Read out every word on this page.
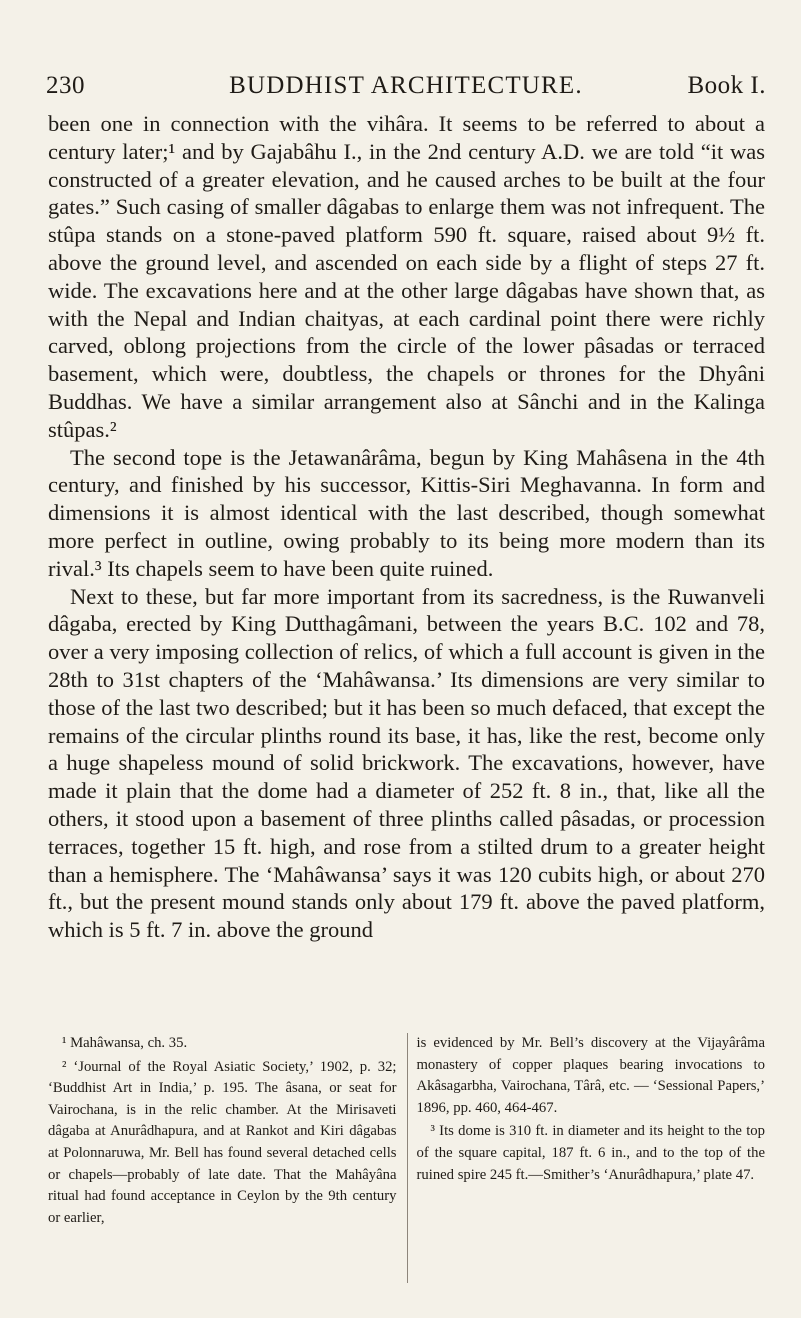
230	BUDDHIST ARCHITECTURE.	Book I.

been one in connection with the vihâra. It seems to be referred to about a century later;¹ and by Gajabâhu I., in the 2nd century A.D. we are told “it was constructed of a greater elevation, and he caused arches to be built at the four gates.” Such casing of smaller dâgabas to enlarge them was not infrequent. The stûpa stands on a stone-paved platform 590 ft. square, raised about 9½ ft. above the ground level, and ascended on each side by a flight of steps 27 ft. wide. The excavations here and at the other large dâgabas have shown that, as with the Nepal and Indian chaityas, at each cardinal point there were richly carved, oblong projections from the circle of the lower pâsadas or terraced basement, which were, doubtless, the chapels or thrones for the Dhyâni Buddhas. We have a similar arrangement also at Sânchi and in the Kalinga stûpas.²

The second tope is the Jetawanârâma, begun by King Mahâsena in the 4th century, and finished by his successor, Kittis-Siri Meghavanna. In form and dimensions it is almost identical with the last described, though somewhat more perfect in outline, owing probably to its being more modern than its rival.³ Its chapels seem to have been quite ruined.

Next to these, but far more important from its sacredness, is the Ruwanveli dâgaba, erected by King Dutthagâmani, between the years B.C. 102 and 78, over a very imposing collection of relics, of which a full account is given in the 28th to 31st chapters of the ‘Mahâwansa.’ Its dimensions are very similar to those of the last two described; but it has been so much defaced, that except the remains of the circular plinths round its base, it has, like the rest, become only a huge shapeless mound of solid brickwork. The excavations, however, have made it plain that the dome had a diameter of 252 ft. 8 in., that, like all the others, it stood upon a basement of three plinths called pâsadas, or procession terraces, together 15 ft. high, and rose from a stilted drum to a greater height than a hemisphere. The ‘Mahâwansa’ says it was 120 cubits high, or about 270 ft., but the present mound stands only about 179 ft. above the paved platform, which is 5 ft. 7 in. above the ground

¹ Mahâwansa, ch. 35.

² ‘Journal of the Royal Asiatic Society,’ 1902, p. 32; ‘Buddhist Art in India,’ p. 195. The âsana, or seat for Vairochana, is in the relic chamber. At the Mirisaveti dâgaba at Anurâdhapura, and at Rankot and Kiri dâgabas at Polonnaruwa, Mr. Bell has found several detached cells or chapels—probably of late date. That the Mahâyâna ritual had found acceptance in Ceylon by the 9th century or earlier,

is evidenced by Mr. Bell’s discovery at the Vijayârâma monastery of copper plaques bearing invocations to Akâsagarbha, Vairochana, Târâ, etc. — ‘Sessional Papers,’ 1896, pp. 460, 464-467.

³ Its dome is 310 ft. in diameter and its height to the top of the square capital, 187 ft. 6 in., and to the top of the ruined spire 245 ft.—Smither’s ‘Anurâdhapura,’ plate 47.
